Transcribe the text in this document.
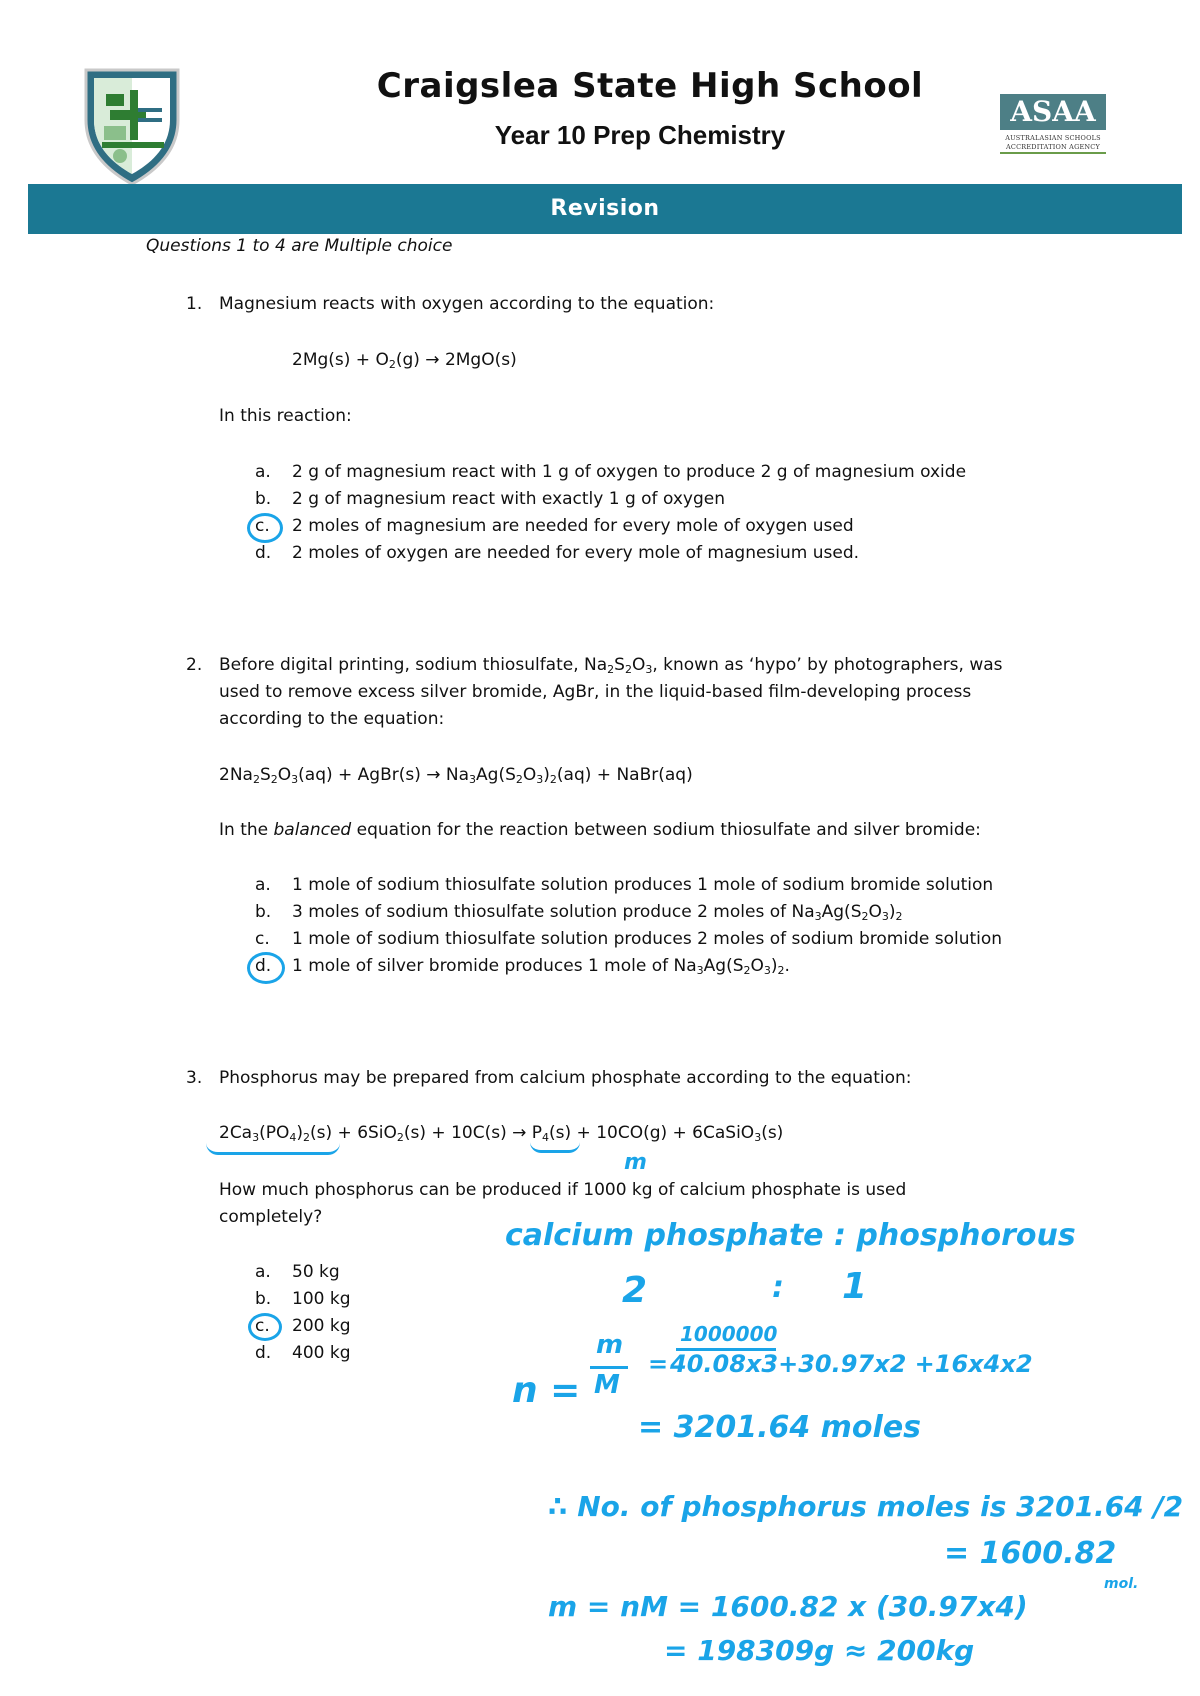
Craigslea State High School
Year 10 Prep Chemistry
ASAA
AUSTRALASIAN SCHOOLS
ACCREDITATION AGENCY
Revision
Questions 1 to 4 are Multiple choice
1. Magnesium reacts with oxygen according to the equation:
$2Mg(s) + O_2(g) \to 2MgO(s)$
In this reaction:
a. 2 g of magnesium react with 1 g of oxygen to produce 2 g of magnesium oxide
b. 2 g of magnesium react with exactly 1 g of oxygen
c. 2 moles of magnesium are needed for every mole of oxygen used
d. 2 moles of oxygen are needed for every mole of magnesium used.
2. Before digital printing, sodium thiosulfate, $Na_2S_2O_3$, known as ‘hypo’ by photographers, was
used to remove excess silver bromide, AgBr, in the liquid-based film-developing process
according to the equation:
$2Na_2S_2O_3(aq)$ + AgBr(s) → $Na_3Ag(S_2O_3)_2(aq)$ + NaBr(aq)
In the balanced equation for the reaction between sodium thiosulfate and silver bromide:
a. 1 mole of sodium thiosulfate solution produces 1 mole of sodium bromide solution
b. 3 moles of sodium thiosulfate solution produce 2 moles of $Na_3Ag(S_2O_3)_2$
c. 1 mole of sodium thiosulfate solution produces 2 moles of sodium bromide solution
d. 1 mole of silver bromide produces 1 mole of $Na_3Ag(S_2O_3)_2$.
3. Phosphorus may be prepared from calcium phosphate according to the equation:
$2Ca_3(PO_4)_2(s) + 6SiO_2(s) + 10C(s) \to P_4(s) + 10CO(g)$ + 6CaSiO$_3$(s)
m
How much phosphorus can be produced if 1000 kg of calcium phosphate is used
completely?
a. 50 kg
b. 100 kg
c. 200 kg
d. 400 kg
calcium phosphate : phosphorous
2	: 1
n =
m
M
=
1000000
40.08x3+30.97x2 +16x4x2
= 3201.64 moles
∴ No. of phosphorus moles is 3201.64 /2
= 1600.82
mol.
m = nM = 1600.82 x (30.97x4)
= 198309g ≈ 200kg
